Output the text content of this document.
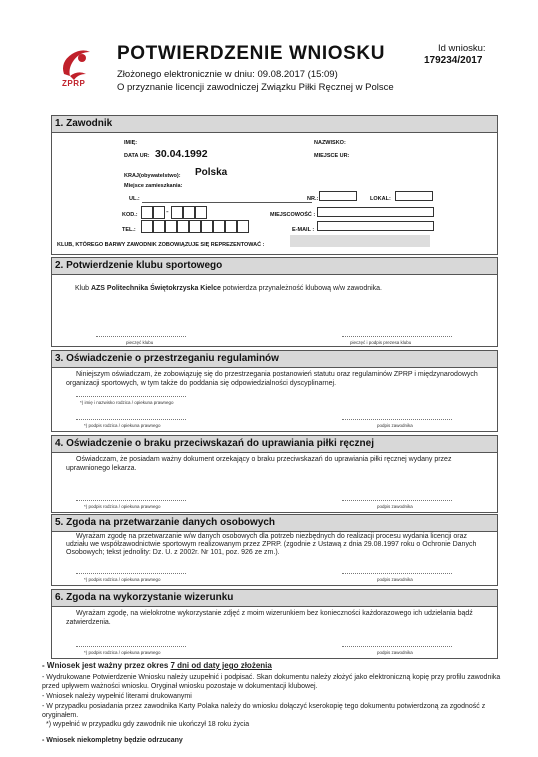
ZPRP
POTWIERDZENIE WNIOSKU
Złożonego elektronicznie w dniu: 09.08.2017 (15:09)
O przyznanie licencji zawodniczej Związku Piłki Ręcznej w Polsce
Id wniosku:
179234/2017
1. Zawodnik
IMIĘ:	NAZWISKO:
DATA UR: 30.04.1992	MIEJSCE UR:
KRAJ(obywatelstwo): Polska
Miejsce zamieszkania:
UL.:	NR.:	LOKAL:
KOD.:	-	MIEJSCOWOŚĆ :
TEL.:	E-MAIL :
KLUB, KTÓREGO BARWY ZAWODNIK ZOBOWIĄZUJE SIĘ REPREZENTOWAĆ :
2. Potwierdzenie klubu sportowego
Klub AZS Politechnika Świętokrzyska Kielce potwierdza przynależność klubową w/w zawodnika.
pieczęć klubu	pieczęć i podpis prezesa klubu
3. Oświadczenie o przestrzeganiu regulaminów
Niniejszym oświadczam, że zobowiązuję się do przestrzegania postanowień statutu oraz regulaminów ZPRP i międzynarodowych organizacji sportowych, w tym także do poddania się odpowiedzialności dyscyplinarnej.
*) imię i nazwisko rodzica / opiekuna prawnego
*) podpis rodzica / opiekuna prawnego	podpis zawodnika
4. Oświadczenie o braku przeciwskazań do uprawiania piłki ręcznej
Oświadczam, że posiadam ważny dokument orzekający o braku przeciwskazań do uprawiania piłki ręcznej wydany przez uprawnionego lekarza.
*) podpis rodzica / opiekuna prawnego	podpis zawodnika
5. Zgoda na przetwarzanie danych osobowych
Wyrażam zgodę na przetwarzanie w/w danych osobowych dla potrzeb niezbędnych do realizacji procesu wydania licencji oraz udziału we współzawodnictwie sportowym realizowanym przez ZPRP. (zgodnie z Ustawą z dnia 29.08.1997 roku o Ochronie Danych Osobowych; tekst jednolity: Dz. U. z 2002r. Nr 101, poz. 926 ze zm.).
*) podpis rodzica / opiekuna prawnego	podpis zawodnika
6. Zgoda na wykorzystanie wizerunku
Wyrażam zgodę, na wielokrotne wykorzystanie zdjęć z moim wizerunkiem bez konieczności każdorazowego ich udzielania bądź zatwierdzenia.
*) podpis rodzica / opiekuna prawnego	podpis zawodnika
- Wniosek jest ważny przez okres 7 dni od daty jego złożenia
- Wydrukowane Potwierdzenie Wniosku należy uzupełnić i podpisać. Skan dokumentu należy złożyć jako elektroniczną kopię przy profilu zawodnika przed upływem ważności wniosku. Oryginał wniosku pozostaje w dokumentacji klubowej.
- Wniosek należy wypełnić literami drukowanymi
- W przypadku posiadania przez zawodnika Karty Polaka należy do wniosku dołączyć kserokopię tego dokumentu potwierdzoną za zgodność z oryginałem.
*) wypełnić w przypadku gdy zawodnik nie ukończył 18 roku życia
- Wniosek niekompletny będzie odrzucany
